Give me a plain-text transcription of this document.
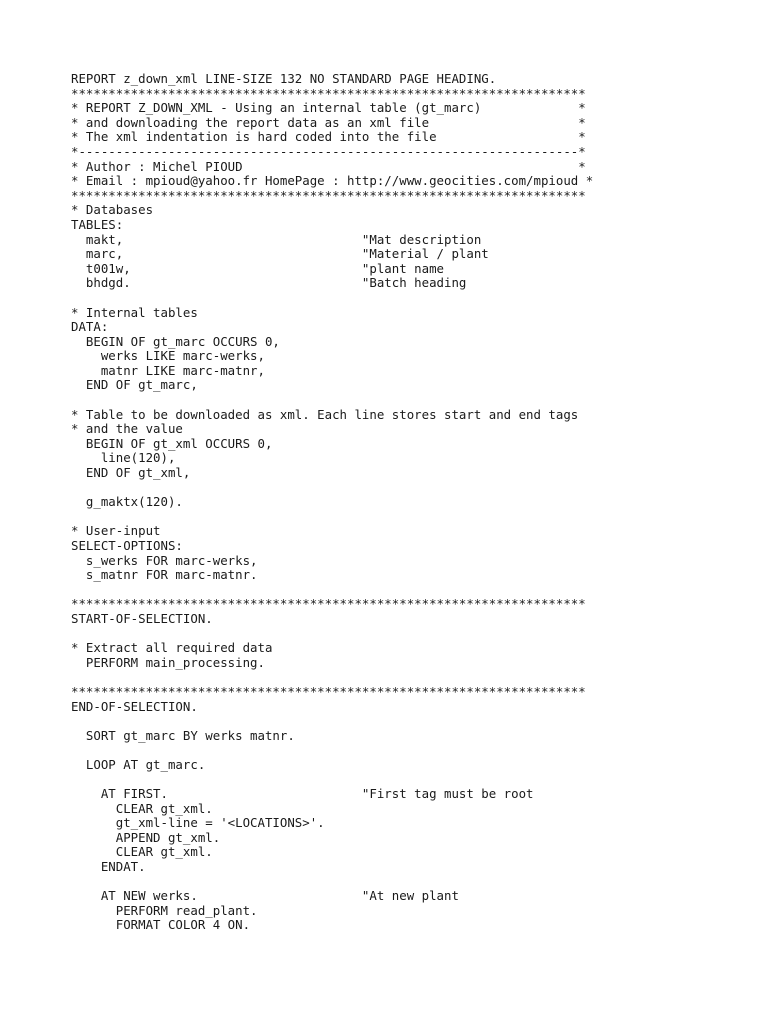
REPORT z_down_xml LINE-SIZE 132 NO STANDARD PAGE HEADING.
*********************************************************************
* REPORT Z_DOWN_XML - Using an internal table (gt_marc)             *
* and downloading the report data as an xml file                    *
* The xml indentation is hard coded into the file                   *
*-------------------------------------------------------------------*
* Author : Michel PIOUD                                             *
* Email : mpioud@yahoo.fr HomePage : http://www.geocities.com/mpioud *
*********************************************************************
* Databases
TABLES:
makt,                                "Mat description
marc,                                "Material / plant
t001w,                               "plant name
bhdgd.                               "Batch heading
* Internal tables
DATA:
BEGIN OF gt_marc OCCURS 0,
werks LIKE marc-werks,
matnr LIKE marc-matnr,
END OF gt_marc,
* Table to be downloaded as xml. Each line stores start and end tags
* and the value
BEGIN OF gt_xml OCCURS 0,
line(120),
END OF gt_xml,
g_maktx(120).
* User-input
SELECT-OPTIONS:
s_werks FOR marc-werks,
s_matnr FOR marc-matnr.
*********************************************************************
START-OF-SELECTION.
* Extract all required data
PERFORM main_processing.
*********************************************************************
END-OF-SELECTION.
SORT gt_marc BY werks matnr.
LOOP AT gt_marc.
AT FIRST.                          "First tag must be root
CLEAR gt_xml.
gt_xml-line = '<LOCATIONS>'.
APPEND gt_xml.
CLEAR gt_xml.
ENDAT.
AT NEW werks.                      "At new plant
PERFORM read_plant.
FORMAT COLOR 4 ON.
